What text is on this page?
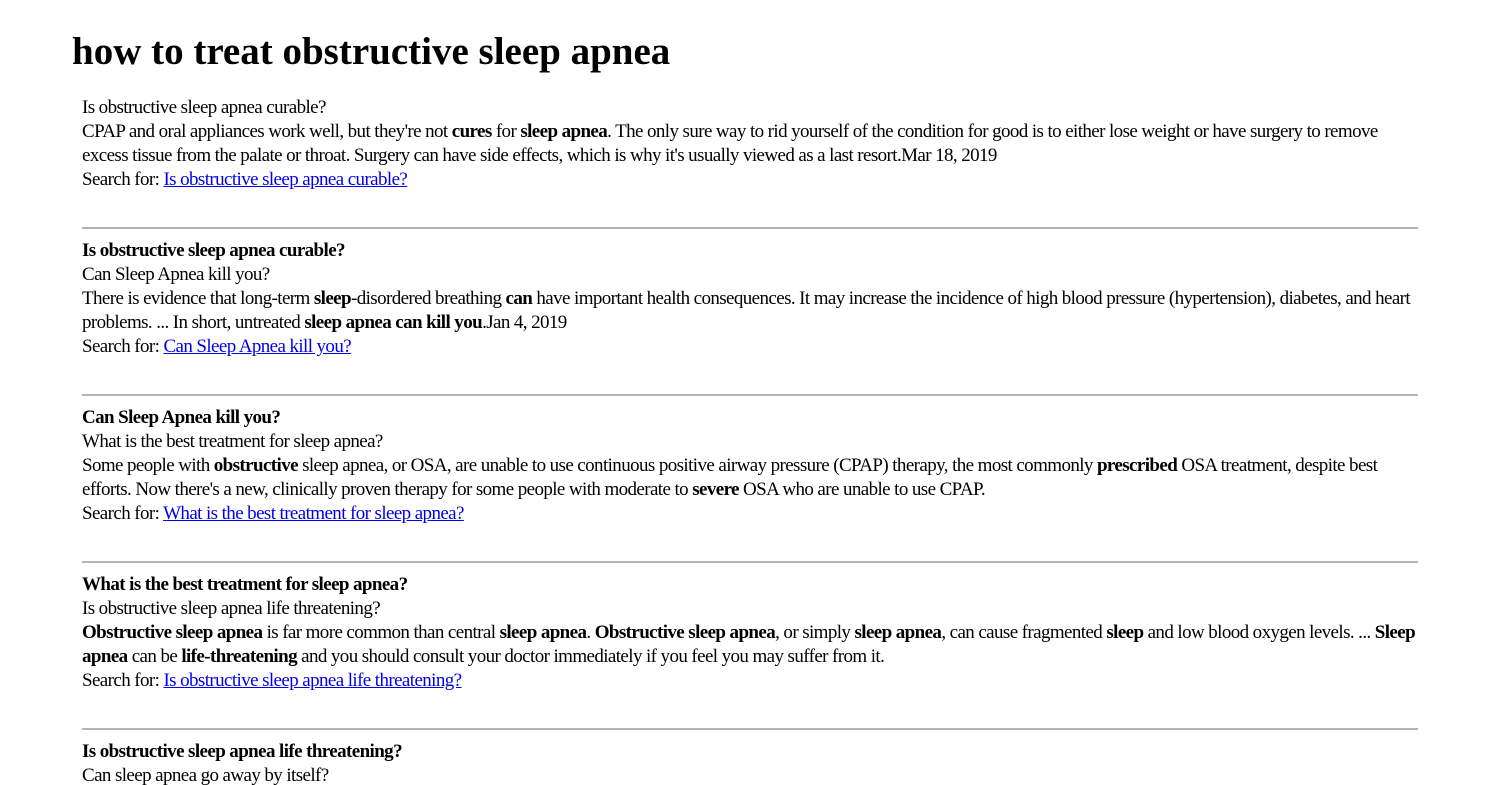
how to treat obstructive sleep apnea
Is obstructive sleep apnea curable?
CPAP and oral appliances work well, but they're not cures for sleep apnea. The only sure way to rid yourself of the condition for good is to either lose weight or have surgery to remove excess tissue from the palate or throat. Surgery can have side effects, which is why it's usually viewed as a last resort.Mar 18, 2019
Search for: Is obstructive sleep apnea curable?
Is obstructive sleep apnea curable?
Can Sleep Apnea kill you?
There is evidence that long-term sleep-disordered breathing can have important health consequences. It may increase the incidence of high blood pressure (hypertension), diabetes, and heart problems. ... In short, untreated sleep apnea can kill you.Jan 4, 2019
Search for: Can Sleep Apnea kill you?
Can Sleep Apnea kill you?
What is the best treatment for sleep apnea?
Some people with obstructive sleep apnea, or OSA, are unable to use continuous positive airway pressure (CPAP) therapy, the most commonly prescribed OSA treatment, despite best efforts. Now there's a new, clinically proven therapy for some people with moderate to severe OSA who are unable to use CPAP.
Search for: What is the best treatment for sleep apnea?
What is the best treatment for sleep apnea?
Is obstructive sleep apnea life threatening?
Obstructive sleep apnea is far more common than central sleep apnea. Obstructive sleep apnea, or simply sleep apnea, can cause fragmented sleep and low blood oxygen levels. ... Sleep apnea can be life-threatening and you should consult your doctor immediately if you feel you may suffer from it.
Search for: Is obstructive sleep apnea life threatening?
Is obstructive sleep apnea life threatening?
Can sleep apnea go away by itself?
